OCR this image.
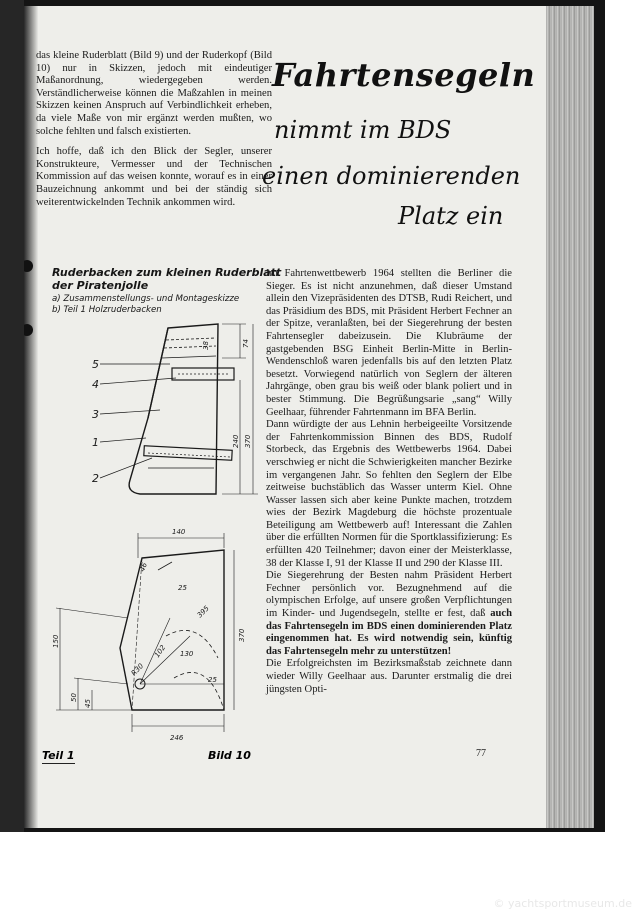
das kleine Ruderblatt (Bild 9) und der Ruderkopf (Bild 10) nur in Skizzen, jedoch mit eindeutiger Maßanordnung, wiedergegeben werden. Verständlicherweise können die Maßzahlen in meinen Skizzen keinen Anspruch auf Verbindlichkeit erheben, da viele Maße von mir ergänzt werden mußten, wo solche fehlten und falsch existierten.

Ich hoffe, daß ich den Blick der Segler, unserer Konstrukteure, Vermesser und der Technischen Kommission auf das weisen konnte, worauf es in einer Bauzeichnung ankommt und bei der ständig sich weiterentwickelnden Technik ankommen wird.

Fahrtensegeln
nimmt im BDS
einen dominierenden
Platz ein
Ruderbacken zum kleinen Ruderblatt
der Piratenjolle
a) Zusammenstellungs- und Montageskizze
b) Teil 1 Holzruderbacken
5
4
3
1
2
38	74
240 370
140
46
25
395
102 130
R30
25
370
150
50
45
246
Teil 1	Bild 10

Im Fahrtenwettbewerb 1964 stellten die Berliner die Sieger. Es ist nicht anzunehmen, daß dieser Umstand allein den Vizepräsidenten des DTSB, Rudi Reichert, und das Präsidium des BDS, mit Präsident Herbert Fechner an der Spitze, veranlaßten, bei der Siegerehrung der besten Fahrtensegler dabeizusein. Die Klubräume der gastgebenden BSG Einheit Berlin-Mitte in Berlin-Wendenschloß waren jedenfalls bis auf den letzten Platz besetzt. Vorwiegend natürlich von Seglern der älteren Jahrgänge, oben grau bis weiß oder blank poliert und in bester Stimmung. Die Begrüßungsarie „sang“ Willy Geelhaar, führender Fahrtenmann im BFA Berlin.

Dann würdigte der aus Lehnin herbeigeeilte Vorsitzende der Fahrtenkommission Binnen des BDS, Rudolf Storbeck, das Ergebnis des Wettbewerbs 1964. Dabei verschwieg er nicht die Schwierigkeiten mancher Bezirke im vergangenen Jahr. So fehlten den Seglern der Elbe zeitweise buchstäblich das Wasser unterm Kiel. Ohne Wasser lassen sich aber keine Punkte machen, trotzdem wies der Bezirk Magdeburg die höchste prozentuale Beteiligung am Wettbewerb auf! Interessant die Zahlen über die erfüllten Normen für die Sportklassifizierung: Es erfüllten 420 Teilnehmer; davon einer der Meisterklasse, 38 der Klasse I, 91 der Klasse II und 290 der Klasse III.

Die Siegerehrung der Besten nahm Präsident Herbert Fechner persönlich vor. Bezugnehmend auf die olympischen Erfolge, auf unsere großen Verpflichtungen im Kinder- und Jugendsegeln, stellte er fest, daß auch das Fahrtensegeln im BDS einen dominierenden Platz eingenommen hat. Es wird notwendig sein, künftig das Fahrtensegeln mehr zu unterstützen!

Die Erfolgreichsten im Bezirksmaßstab zeichnete dann wieder Willy Geelhaar aus. Darunter erstmalig die drei jüngsten Opti-

77
© yachtsportmuseum.de
